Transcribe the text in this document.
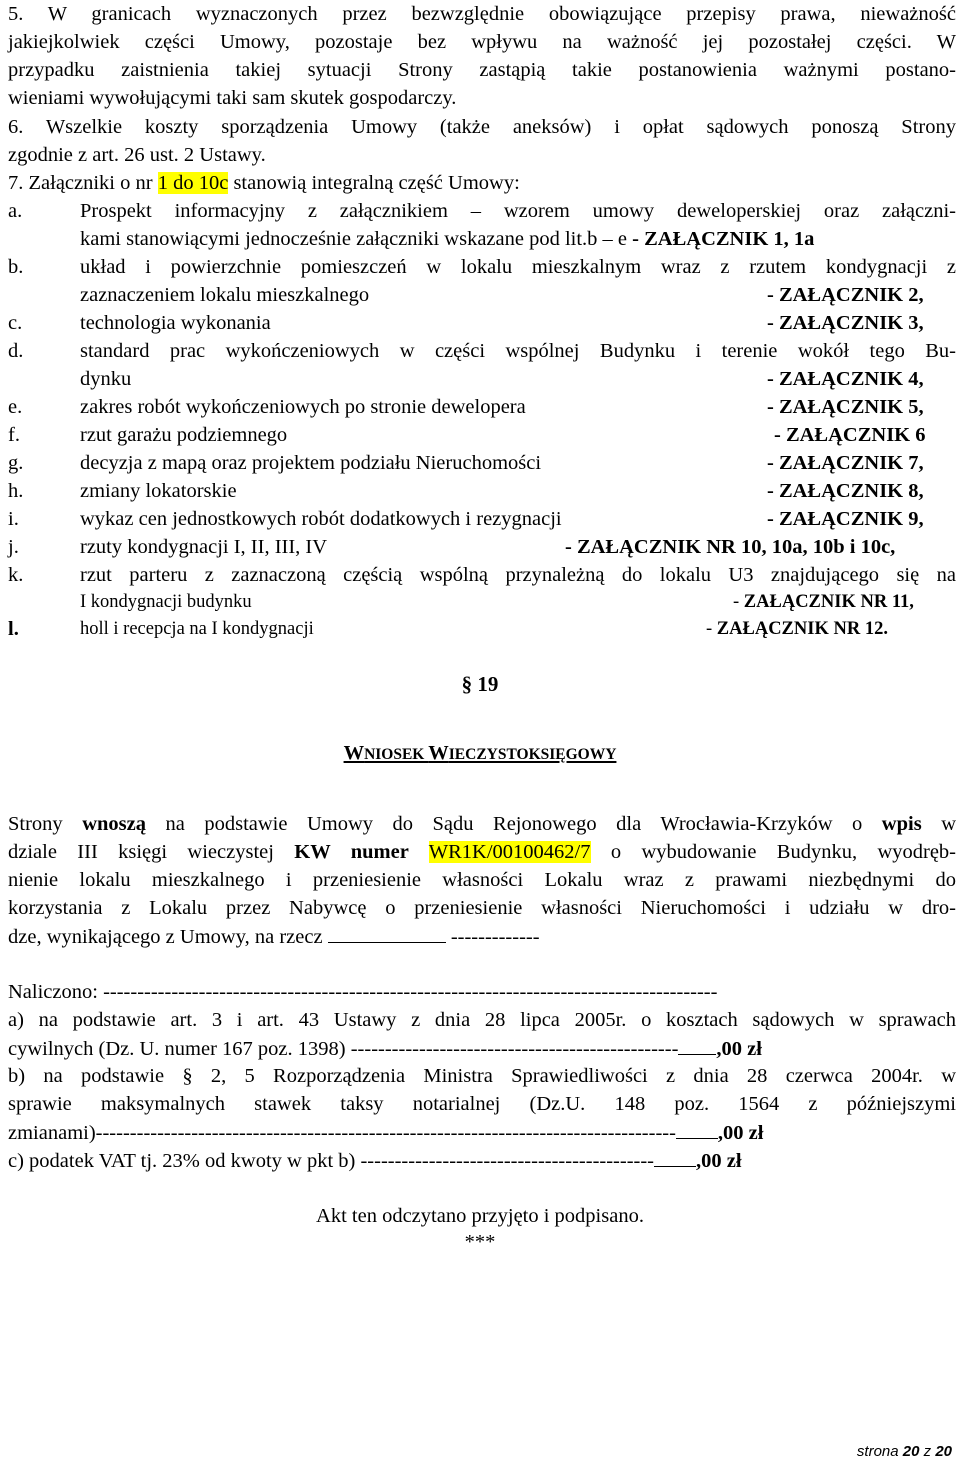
5. W granicach wyznaczonych przez bezwzględnie obowiązujące przepisy prawa, nieważność
jakiejkolwiek części Umowy, pozostaje bez wpływu na ważność jej pozostałej części. W
przypadku zaistnienia takiej sytuacji Strony zastąpią takie postanowienia ważnymi postano-
wieniami wywołującymi taki sam skutek gospodarczy.
6. Wszelkie koszty sporządzenia Umowy (także aneksów) i opłat sądowych ponoszą Strony
zgodnie z art. 26 ust. 2 Ustawy.
7. Załączniki o nr 1 do 10c stanowią integralną część Umowy:
a.	Prospekt informacyjny z załącznikiem – wzorem umowy deweloperskiej oraz załączni-
kami stanowiącymi jednocześnie załączniki wskazane pod lit.b – e - ZAŁĄCZNIK 1, 1a
b.	układ i powierzchnie pomieszczeń w lokalu mieszkalnym wraz z rzutem kondygnacji z
zaznaczeniem lokalu mieszkalnego	- ZAŁĄCZNIK 2,
c.	technologia wykonania	- ZAŁĄCZNIK 3,
d.	standard prac wykończeniowych w części wspólnej Budynku i terenie wokół tego Bu-
dynku	- ZAŁĄCZNIK 4,
e.	zakres robót wykończeniowych po stronie dewelopera	- ZAŁĄCZNIK 5,
f.	rzut garażu podziemnego	- ZAŁĄCZNIK 6
g.	decyzja z mapą oraz projektem podziału Nieruchomości	- ZAŁĄCZNIK 7,
h.	zmiany lokatorskie	- ZAŁĄCZNIK 8,
i.	wykaz cen jednostkowych robót dodatkowych i rezygnacji	- ZAŁĄCZNIK 9,
j.	rzuty kondygnacji I, II, III, IV	- ZAŁĄCZNIK NR 10, 10a, 10b i 10c,
k.	rzut parteru z zaznaczoną częścią wspólną przynależną do lokalu U3 znajdującego się na
I kondygnacji budynku	- ZAŁĄCZNIK NR 11,
l.	holl i recepcja na I kondygnacji	- ZAŁĄCZNIK NR 12.
§ 19
WNIOSEK WIECZYSTOKSIĘGOWY
Strony wnoszą na podstawie Umowy do Sądu Rejonowego dla Wrocławia-Krzyków o wpis w
dziale III księgi wieczystej KW numer WR1K/00100462/7 o wybudowanie Budynku, wyodręb-
nienie lokalu mieszkalnego i przeniesienie własności Lokalu wraz z prawami niezbędnymi do
korzystania z Lokalu przez Nabywcę o przeniesienie własności Nieruchomości i udziału w dro-
dze, wynikającego z Umowy, na rzecz	-------------
Naliczono: ------------------------------------------------------------------------------------------
a) na podstawie art. 3 i art. 43 Ustawy z dnia 28 lipca 2005r. o kosztach sądowych w sprawach
cywilnych (Dz. U. numer 167 poz. 1398) ------------------------------------------------ ,00 zł
b) na podstawie § 2, 5 Rozporządzenia Ministra Sprawiedliwości z dnia 28 czerwca 2004r. w
sprawie maksymalnych stawek taksy notarialnej (Dz.U. 148 poz. 1564 z późniejszymi
zmianami)------------------------------------------------------------------------------------- ,00 zł
c) podatek VAT tj. 23% od kwoty w pkt b) ------------------------------------------- ,00 zł
Akt ten odczytano przyjęto i podpisano.
***
strona 20 z 20
